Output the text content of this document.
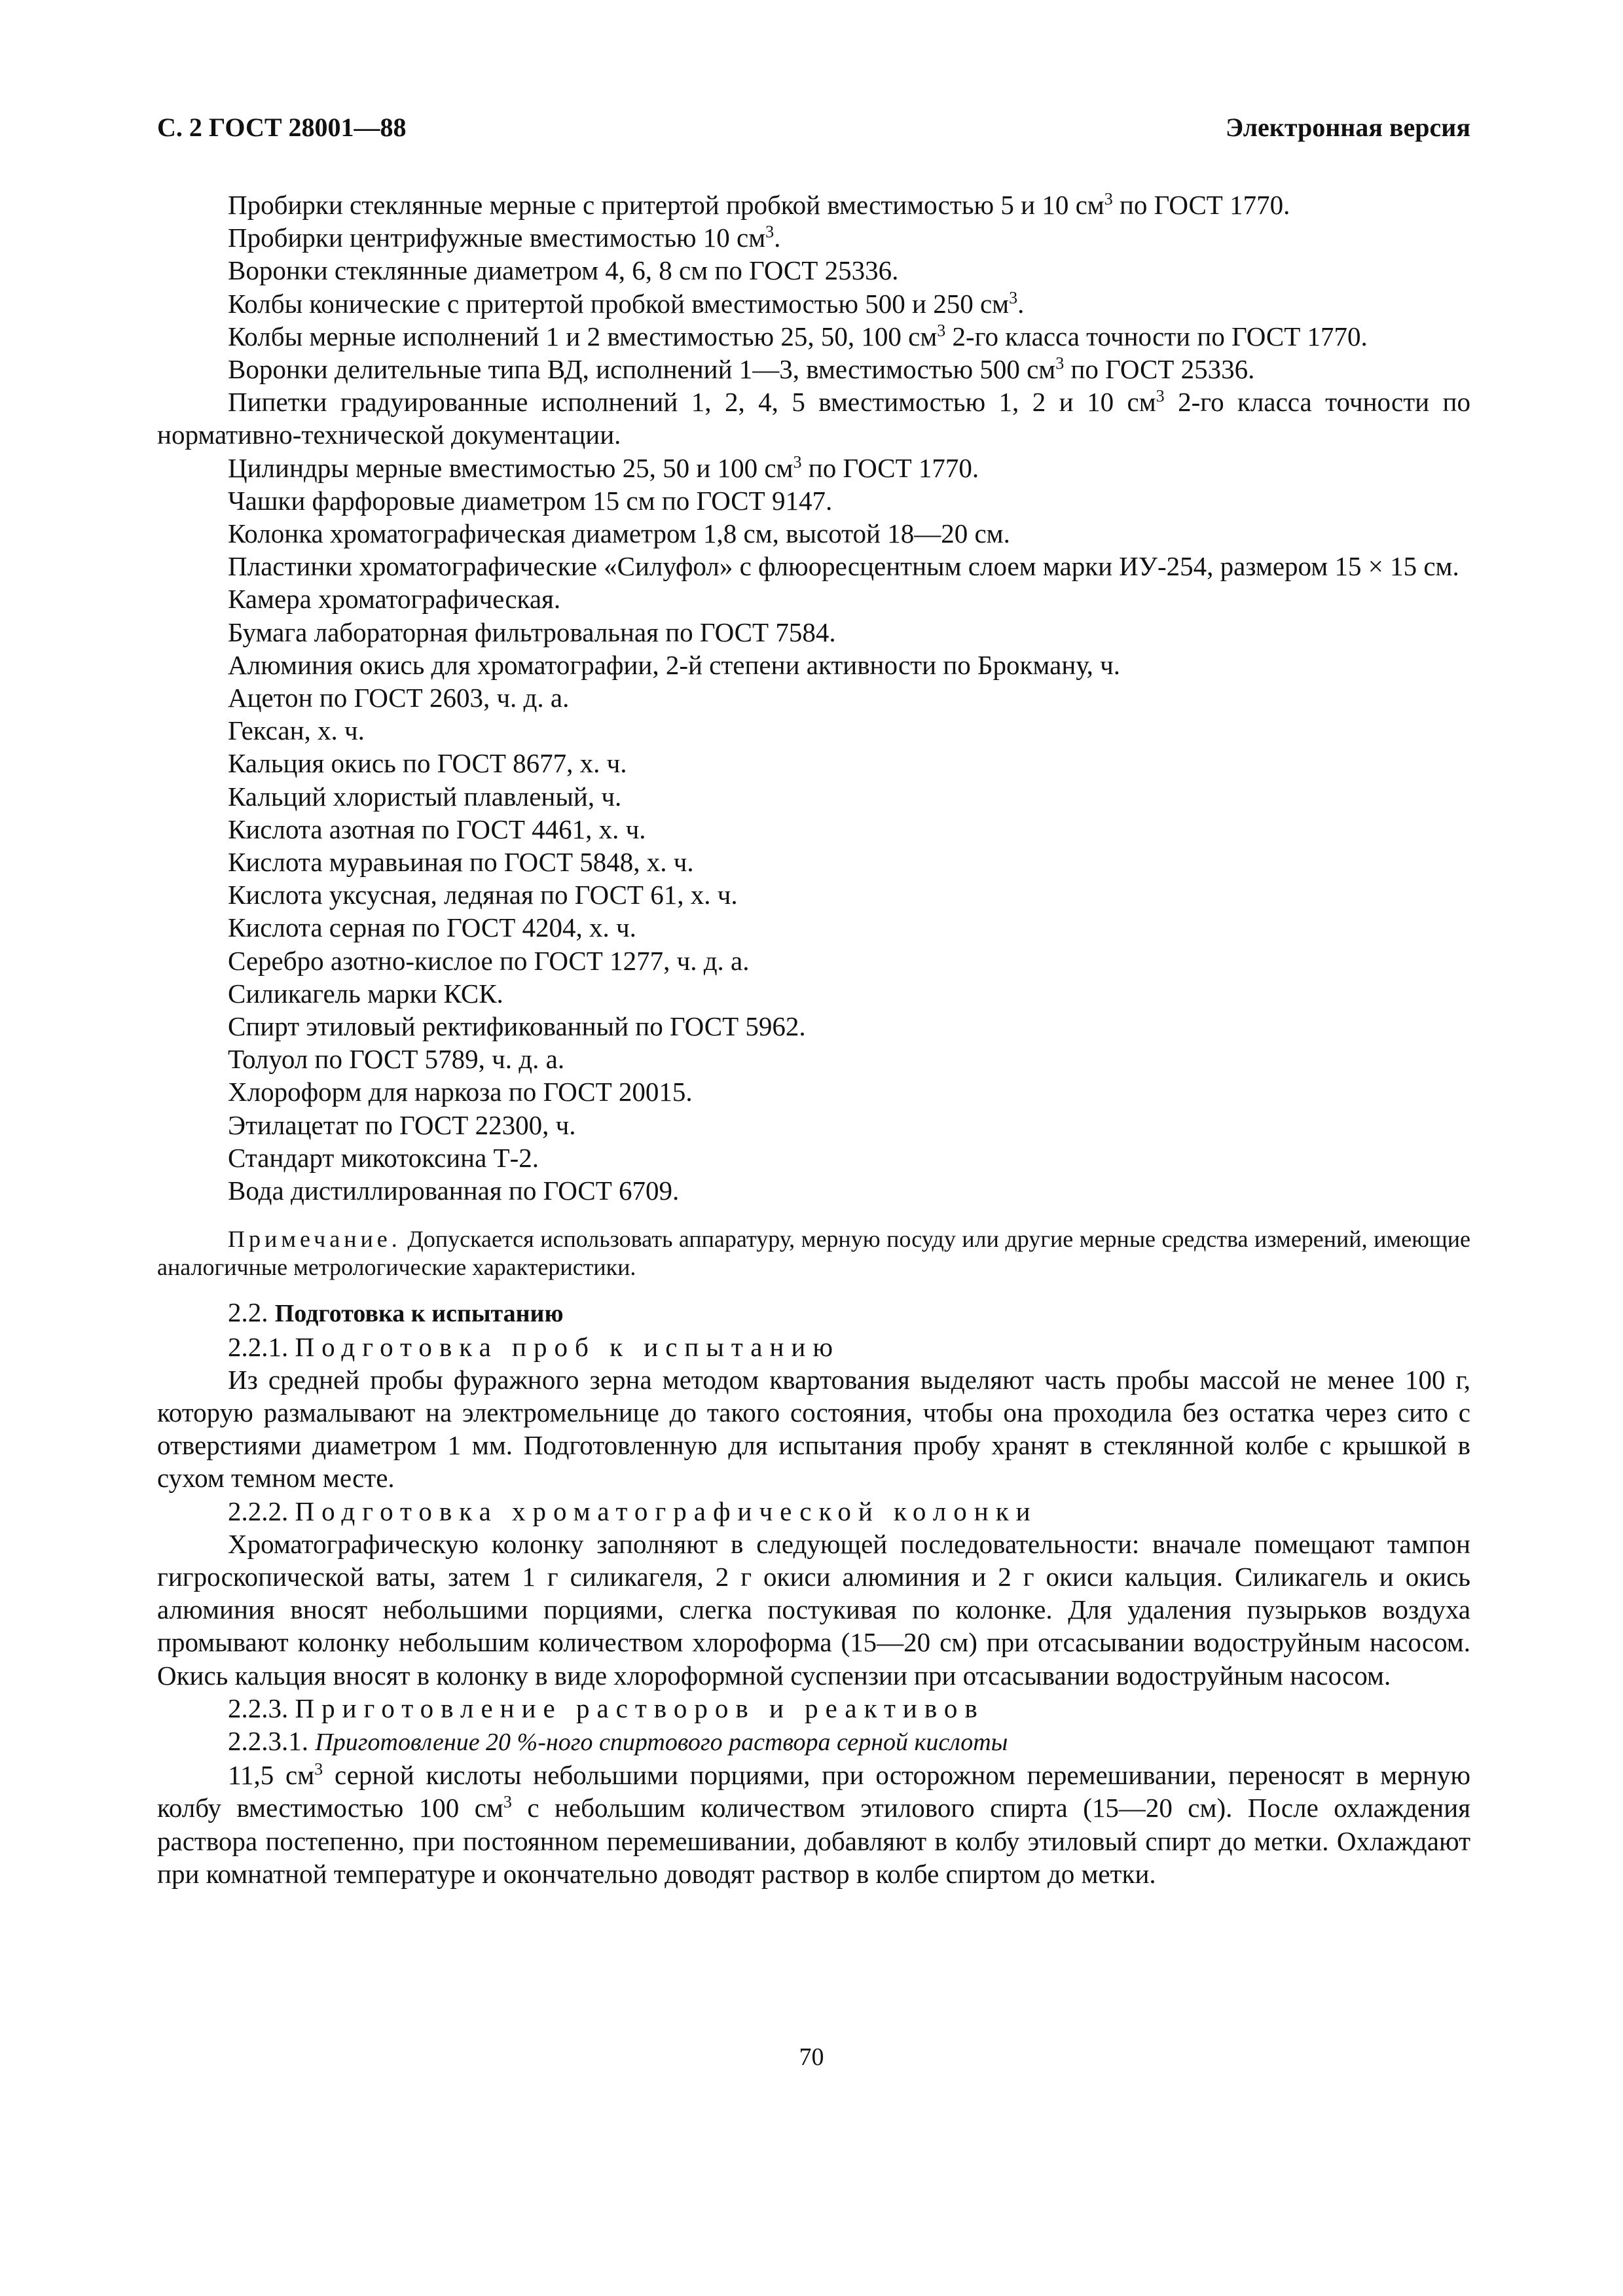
С. 2 ГОСТ 28001—88	Электронная версия

Пробирки стеклянные мерные с притертой пробкой вместимостью 5 и 10 $см^3$ по ГОСТ 1770.

Пробирки центрифужные вместимостью 10 $см^3$.

Воронки стеклянные диаметром 4, 6, 8 см по ГОСТ 25336.

Колбы конические с притертой пробкой вместимостью 500 и 250 $см^3$.

Колбы мерные исполнений 1 и 2 вместимостью 25, 50, 100 $см^3$ 2-го класса точности по ГОСТ 1770.

Воронки делительные типа ВД, исполнений 1—3, вместимостью 500 $см^3$ по ГОСТ 25336.

Пипетки градуированные исполнений 1, 2, 4, 5 вместимостью 1, 2 и 10 $см^3$ 2-го класса точности по нормативно-технической документации.

Цилиндры мерные вместимостью 25, 50 и 100 $см^3$ по ГОСТ 1770.

Чашки фарфоровые диаметром 15 см по ГОСТ 9147.

Колонка хроматографическая диаметром 1,8 см, высотой 18—20 см.

Пластинки хроматографические «Силуфол» с флюоресцентным слоем марки ИУ-254, размером 15 × 15 см.

Камера хроматографическая.

Бумага лабораторная фильтровальная по ГОСТ 7584.

Алюминия окись для хроматографии, 2-й степени активности по Брокману, ч.

Ацетон по ГОСТ 2603, ч. д. а.

Гексан, х. ч.

Кальция окись по ГОСТ 8677, х. ч.

Кальций хлористый плавленый, ч.

Кислота азотная по ГОСТ 4461, х. ч.

Кислота муравьиная по ГОСТ 5848, х. ч.

Кислота уксусная, ледяная по ГОСТ 61, х. ч.

Кислота серная по ГОСТ 4204, х. ч.

Серебро азотно-кислое по ГОСТ 1277, ч. д. а.

Силикагель марки КСК.

Спирт этиловый ректификованный по ГОСТ 5962.

Толуол по ГОСТ 5789, ч. д. а.

Хлороформ для наркоза по ГОСТ 20015.

Этилацетат по ГОСТ 22300, ч.

Стандарт микотоксина Т-2.

Вода дистиллированная по ГОСТ 6709.

Примечание. Допускается использовать аппаратуру, мерную посуду или другие мерные средства измерений, имеющие аналогичные метрологические характеристики.

2.2. Подготовка к испытанию

2.2.1. Подготовка проб к испытанию

Из средней пробы фуражного зерна методом квартования выделяют часть пробы массой не менее 100 г, которую размалывают на электромельнице до такого состояния, чтобы она проходила без остатка через сито с отверстиями диаметром 1 мм. Подготовленную для испытания пробу хранят в стеклянной колбе с крышкой в сухом темном месте.

2.2.2. Подготовка хроматографической колонки

Хроматографическую колонку заполняют в следующей последовательности: вначале помещают тампон гигроскопической ваты, затем 1 г силикагеля, 2 г окиси алюминия и 2 г окиси кальция. Силикагель и окись алюминия вносят небольшими порциями, слегка постукивая по колонке. Для удаления пузырьков воздуха промывают колонку небольшим количеством хлороформа (15—20 см) при отсасывании водоструйным насосом. Окись кальция вносят в колонку в виде хлороформной суспензии при отсасывании водоструйным насосом.

2.2.3. Приготовление растворов и реактивов

2.2.3.1. Приготовление 20 %-ного спиртового раствора серной кислоты

11,5 $см^3$ серной кислоты небольшими порциями, при осторожном перемешивании, переносят в мерную колбу вместимостью 100 $см^3$ с небольшим количеством этилового спирта (15—20 см). После охлаждения раствора постепенно, при постоянном перемешивании, добавляют в колбу этиловый спирт до метки. Охлаждают при комнатной температуре и окончательно доводят раствор в колбе спиртом до метки.

70
